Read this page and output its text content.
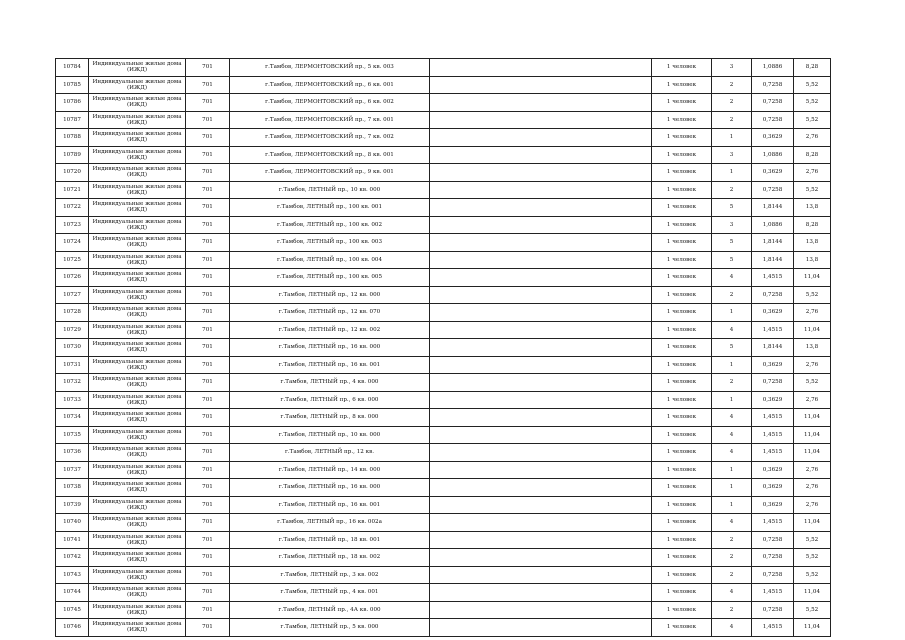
10784	Индивидуальные жилые дома (ИЖД)	701	г.Тамбов, ЛЕРМОНТОВСКИЙ пр., 5 кв. 003		1 человек	3	1,0886	8,28
10785	Индивидуальные жилые дома (ИЖД)	701	г.Тамбов, ЛЕРМОНТОВСКИЙ пр., 6 кв. 001		1 человек	2	0,7258	5,52
10786	Индивидуальные жилые дома (ИЖД)	701	г.Тамбов, ЛЕРМОНТОВСКИЙ пр., 6 кв. 002		1 человек	2	0,7258	5,52
10787	Индивидуальные жилые дома (ИЖД)	701	г.Тамбов, ЛЕРМОНТОВСКИЙ пр., 7 кв. 001		1 человек	2	0,7258	5,52
10788	Индивидуальные жилые дома (ИЖД)	701	г.Тамбов, ЛЕРМОНТОВСКИЙ пр., 7 кв. 002		1 человек	1	0,3629	2,76
10789	Индивидуальные жилые дома (ИЖД)	701	г.Тамбов, ЛЕРМОНТОВСКИЙ пр., 8 кв. 001		1 человек	3	1,0886	8,28
10720	Индивидуальные жилые дома (ИЖД)	701	г.Тамбов, ЛЕРМОНТОВСКИЙ пр., 9 кв. 001		1 человек	1	0,3629	2,76
10721	Индивидуальные жилые дома (ИЖД)	701	г.Тамбов, ЛЕТНЫЙ пр., 10 кв. 000		1 человек	2	0,7258	5,52
10722	Индивидуальные жилые дома (ИЖД)	701	г.Тамбов, ЛЕТНЫЙ пр., 100 кв. 001		1 человек	5	1,8144	13,8
10723	Индивидуальные жилые дома (ИЖД)	701	г.Тамбов, ЛЕТНЫЙ пр., 100 кв. 002		1 человек	3	1,0886	8,28
10724	Индивидуальные жилые дома (ИЖД)	701	г.Тамбов, ЛЕТНЫЙ пр., 100 кв. 003		1 человек	5	1,8144	13,8
10725	Индивидуальные жилые дома (ИЖД)	701	г.Тамбов, ЛЕТНЫЙ пр., 100 кв. 004		1 человек	5	1,8144	13,8
10726	Индивидуальные жилые дома (ИЖД)	701	г.Тамбов, ЛЕТНЫЙ пр., 100 кв. 005		1 человек	4	1,4515	11,04
10727	Индивидуальные жилые дома (ИЖД)	701	г.Тамбов, ЛЕТНЫЙ пр., 12 кв. 000		1 человек	2	0,7258	5,52
10728	Индивидуальные жилые дома (ИЖД)	701	г.Тамбов, ЛЕТНЫЙ пр., 12 кв. 070		1 человек	1	0,3629	2,76
10729	Индивидуальные жилые дома (ИЖД)	701	г.Тамбов, ЛЕТНЫЙ пр., 12 кв. 002		1 человек	4	1,4515	11,04
10730	Индивидуальные жилые дома (ИЖД)	701	г.Тамбов, ЛЕТНЫЙ пр., 16 кв. 000		1 человек	5	1,8144	13,8
10731	Индивидуальные жилые дома (ИЖД)	701	г.Тамбов, ЛЕТНЫЙ пр., 16 кв. 001		1 человек	1	0,3629	2,76
10732	Индивидуальные жилые дома (ИЖД)	701	г.Тамбов, ЛЕТНЫЙ пр., 4 кв. 000		1 человек	2	0,7258	5,52
10733	Индивидуальные жилые дома (ИЖД)	701	г.Тамбов, ЛЕТНЫЙ пр., 6 кв. 000		1 человек	1	0,3629	2,76
10734	Индивидуальные жилые дома (ИЖД)	701	г.Тамбов, ЛЕТНЫЙ пр., 8 кв. 000		1 человек	4	1,4515	11,04
10735	Индивидуальные жилые дома (ИЖД)	701	г.Тамбов, ЛЕТНЫЙ пр., 10 кв. 000		1 человек	4	1,4515	11,04
10736	Индивидуальные жилые дома (ИЖД)	701	г.Тамбов, ЛЕТНЫЙ пр., 12 кв.		1 человек	4	1,4515	11,04
10737	Индивидуальные жилые дома (ИЖД)	701	г.Тамбов, ЛЕТНЫЙ пр., 14 кв. 000		1 человек	1	0,3629	2,76
10738	Индивидуальные жилые дома (ИЖД)	701	г.Тамбов, ЛЕТНЫЙ пр., 16 кв. 000		1 человек	1	0,3629	2,76
10739	Индивидуальные жилые дома (ИЖД)	701	г.Тамбов, ЛЕТНЫЙ пр., 16 кв. 001		1 человек	1	0,3629	2,76
10740	Индивидуальные жилые дома (ИЖД)	701	г.Тамбов, ЛЕТНЫЙ пр., 16 кв. 002а		1 человек	4	1,4515	11,04
10741	Индивидуальные жилые дома (ИЖД)	701	г.Тамбов, ЛЕТНЫЙ пр., 18 кв. 001		1 человек	2	0,7258	5,52
10742	Индивидуальные жилые дома (ИЖД)	701	г.Тамбов, ЛЕТНЫЙ пр., 18 кв. 002		1 человек	2	0,7258	5,52
10743	Индивидуальные жилые дома (ИЖД)	701	г.Тамбов, ЛЕТНЫЙ пр., 3 кв. 002		1 человек	2	0,7258	5,52
10744	Индивидуальные жилые дома (ИЖД)	701	г.Тамбов, ЛЕТНЫЙ пр., 4 кв. 001		1 человек	4	1,4515	11,04
10745	Индивидуальные жилые дома (ИЖД)	701	г.Тамбов, ЛЕТНЫЙ пр., 4А кв. 000		1 человек	2	0,7258	5,52
10746	Индивидуальные жилые дома (ИЖД)	701	г.Тамбов, ЛЕТНЫЙ пр., 5 кв. 000		1 человек	4	1,4515	11,04
